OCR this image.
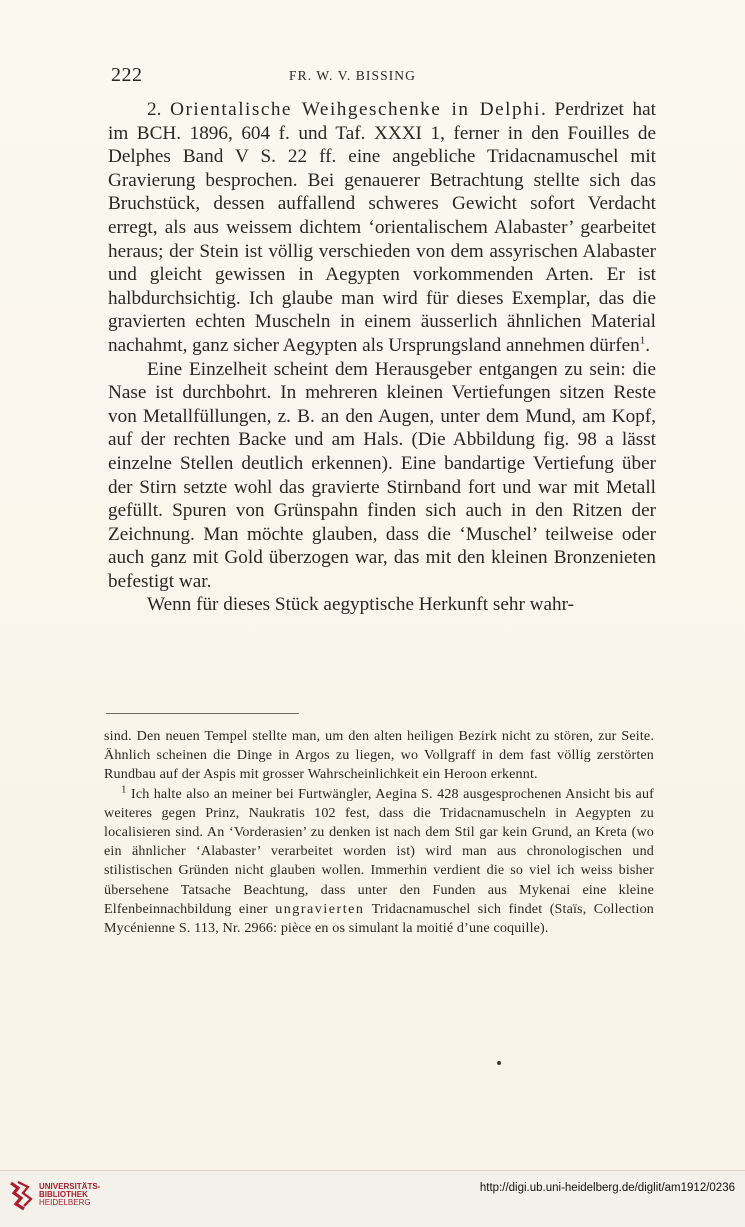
222	FR. W. V. BISSING

2. Orientalische Weihgeschenke in Delphi. Perdrizet hat im BCH. 1896, 604 f. und Taf. XXXI 1, ferner in den Fouilles de Delphes Band V S. 22 ff. eine angebliche Tridacnamuschel mit Gravierung besprochen. Bei genauerer Betrachtung stellte sich das Bruchstück, dessen auffallend schweres Gewicht sofort Verdacht erregt, als aus weissem dichtem ‘orientalischem Alabaster’ gearbeitet heraus; der Stein ist völlig verschieden von dem assyrischen Alabaster und gleicht gewissen in Aegypten vorkommenden Arten. Er ist halbdurchsichtig. Ich glaube man wird für dieses Exemplar, das die gravierten echten Muscheln in einem äusserlich ähnlichen Material nachahmt, ganz sicher Aegypten als Ursprungsland annehmen dürfen$^1$.

Eine Einzelheit scheint dem Herausgeber entgangen zu sein: die Nase ist durchbohrt. In mehreren kleinen Vertiefungen sitzen Reste von Metallfüllungen, z. B. an den Augen, unter dem Mund, am Kopf, auf der rechten Backe und am Hals. (Die Abbildung fig. 98 a lässt einzelne Stellen deutlich erkennen). Eine bandartige Vertiefung über der Stirn setzte wohl das gravierte Stirnband fort und war mit Metall gefüllt. Spuren von Grünspahn finden sich auch in den Ritzen der Zeichnung. Man möchte glauben, dass die ‘Muschel’ teilweise oder auch ganz mit Gold überzogen war, das mit den kleinen Bronzenieten befestigt war.

Wenn für dieses Stück aegyptische Herkunft sehr wahr-

sind. Den neuen Tempel stellte man, um den alten heiligen Bezirk nicht zu stören, zur Seite. Ähnlich scheinen die Dinge in Argos zu liegen, wo Vollgraff in dem fast völlig zerstörten Rundbau auf der Aspis mit grosser Wahrscheinlichkeit ein Heroon erkennt.

$^1$ Ich halte also an meiner bei Furtwängler, Aegina S. 428 ausgesprochenen Ansicht bis auf weiteres gegen Prinz, Naukratis 102 fest, dass die Tridacnamuscheln in Aegypten zu localisieren sind. An ‘Vorderasien’ zu denken ist nach dem Stil gar kein Grund, an Kreta (wo ein ähnlicher ‘Alabaster’ verarbeitet worden ist) wird man aus chronologischen und stilistischen Gründen nicht glauben wollen. Immerhin verdient die so viel ich weiss bisher übersehene Tatsache Beachtung, dass unter den Funden aus Mykenai eine kleine Elfenbeinnachbildung einer ungravierten Tridacnamuschel sich findet (Staïs, Collection Mycénienne S. 113, Nr. 2966: pièce en os simulant la moitié d’une coquille).

UNIVERSITÄTS-
BIBLIOTHEK
HEIDELBERG
http://digi.ub.uni-heidelberg.de/diglit/am1912/0236
